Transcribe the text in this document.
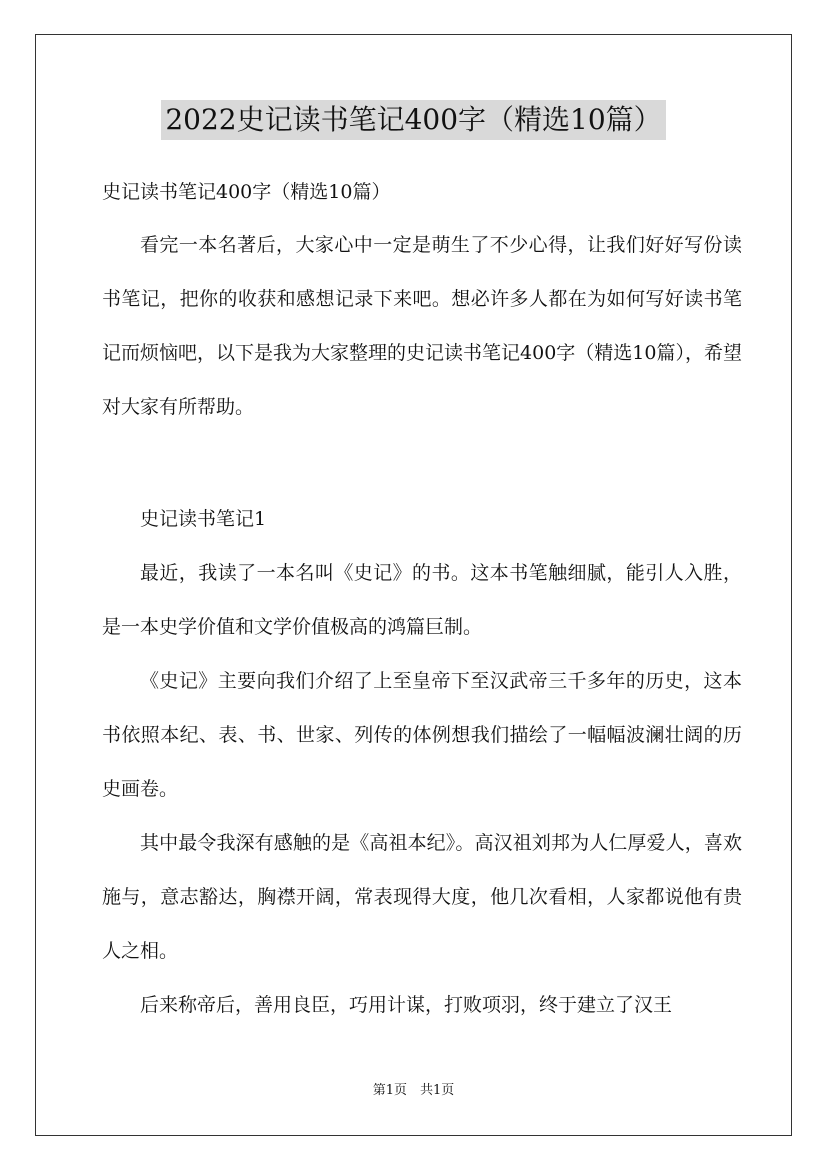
2022史记读书笔记400字（精选10篇）
史记读书笔记400字（精选10篇）

看完一本名著后，大家心中一定是萌生了不少心得，让我们好好写份读书笔记，把你的收获和感想记录下来吧。想必许多人都在为如何写好读书笔记而烦恼吧，以下是我为大家整理的史记读书笔记400字（精选10篇），希望对大家有所帮助。

史记读书笔记1

最近，我读了一本名叫《史记》的书。这本书笔触细腻，能引人入胜，是一本史学价值和文学价值极高的鸿篇巨制。

《史记》主要向我们介绍了上至皇帝下至汉武帝三千多年的历史，这本书依照本纪、表、书、世家、列传的体例想我们描绘了一幅幅波澜壮阔的历史画卷。

其中最令我深有感触的是《高祖本纪》。高汉祖刘邦为人仁厚爱人，喜欢施与，意志豁达，胸襟开阔，常表现得大度，他几次看相，人家都说他有贵人之相。

后来称帝后，善用良臣，巧用计谋，打败项羽，终于建立了汉王

第1页　共1页
